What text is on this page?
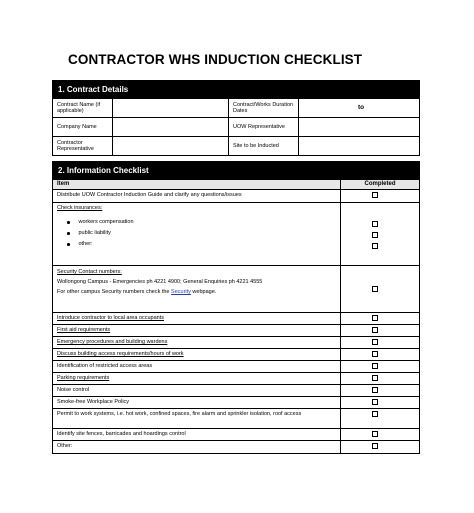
CONTRACTOR WHS INDUCTION CHECKLIST
1. Contract Details
Contract Name (if applicable)
Contract/Works Duration Dates
to
Company Name	UOW Representative
Contractor Representative
Site to be Inducted
2. Information Checklist
Item	Completed
Distribute UOW Contractor Induction Guide and clarify any questions/issues
Check insurances:
workers compensation
public liability
other:
Security Contact numbers:
Wollongong Campus - Emergencies ph 4221 4900; General Enquiries ph 4221 4555
For other campus Security numbers check the Security webpage.
Introduce contractor to local area occupants
First aid requirements
Emergency procedures and building wardens
Discuss building access requirements/hours of work
Identification of restricted access areas
Parking requirements
Noise control
Smoke-free Workplace Policy
Permit to work systems, i.e. hot work, confined spaces, fire alarm and sprinkler isolation, roof access
Identify site fences, barricades and hoardings control
Other:
